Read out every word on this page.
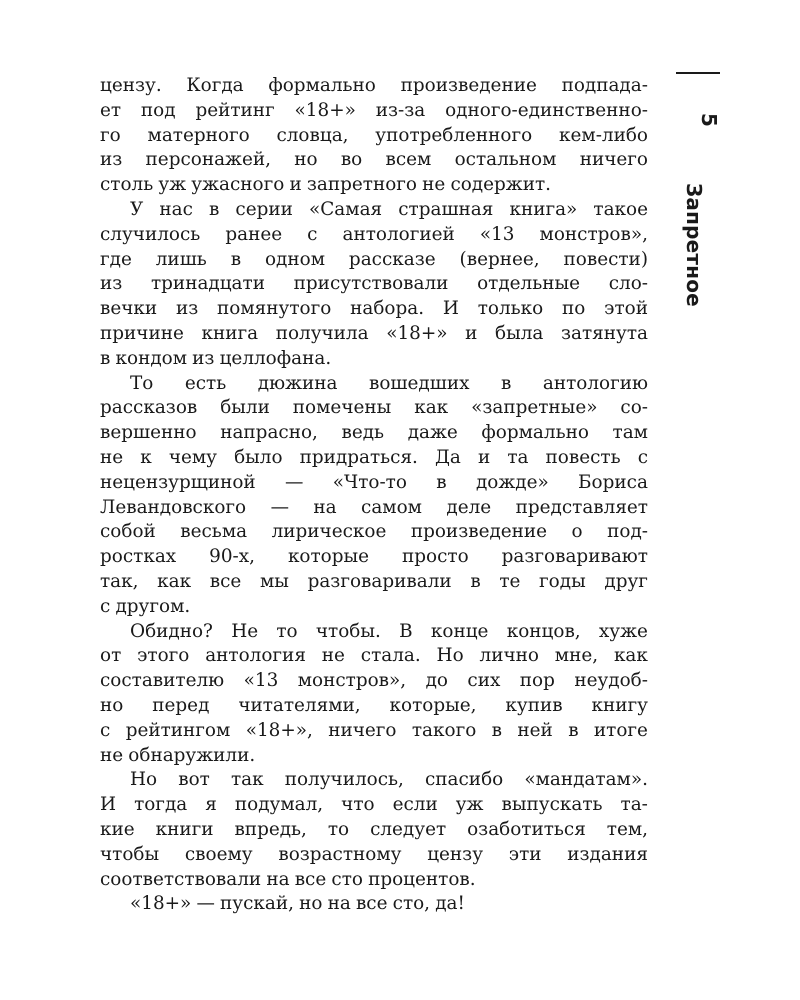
5
Запретное
цензу. Когда формально произведение подпада-
ет под рейтинг «18+» из-за одного-единственно-
го матерного словца, употребленного кем-либо
из персонажей, но во всем остальном ничего
столь уж ужасного и запретного не содержит.
У нас в серии «Самая страшная книга» такое
случилось ранее с антологией «13 монстров»,
где лишь в одном рассказе (вернее, повести)
из тринадцати присутствовали отдельные сло-
вечки из помянутого набора. И только по этой
причине книга получила «18+» и была затянута
в кондом из целлофана.
То есть дюжина вошедших в антологию
рассказов были помечены как «запретные» со-
вершенно напрасно, ведь даже формально там
не к чему было придраться. Да и та повесть с
нецензурщиной — «Что-то в дожде» Бориса
Левандовского — на самом деле представляет
собой весьма лирическое произведение о под-
ростках 90-х, которые просто разговаривают
так, как все мы разговаривали в те годы друг
с другом.
Обидно? Не то чтобы. В конце концов, хуже
от этого антология не стала. Но лично мне, как
составителю «13 монстров», до сих пор неудоб-
но перед читателями, которые, купив книгу
с рейтингом «18+», ничего такого в ней в итоге
не обнаружили.
Но вот так получилось, спасибо «мандатам».
И тогда я подумал, что если уж выпускать та-
кие книги впредь, то следует озаботиться тем,
чтобы своему возрастному цензу эти издания
соответствовали на все сто процентов.
«18+» — пускай, но на все сто, да!
